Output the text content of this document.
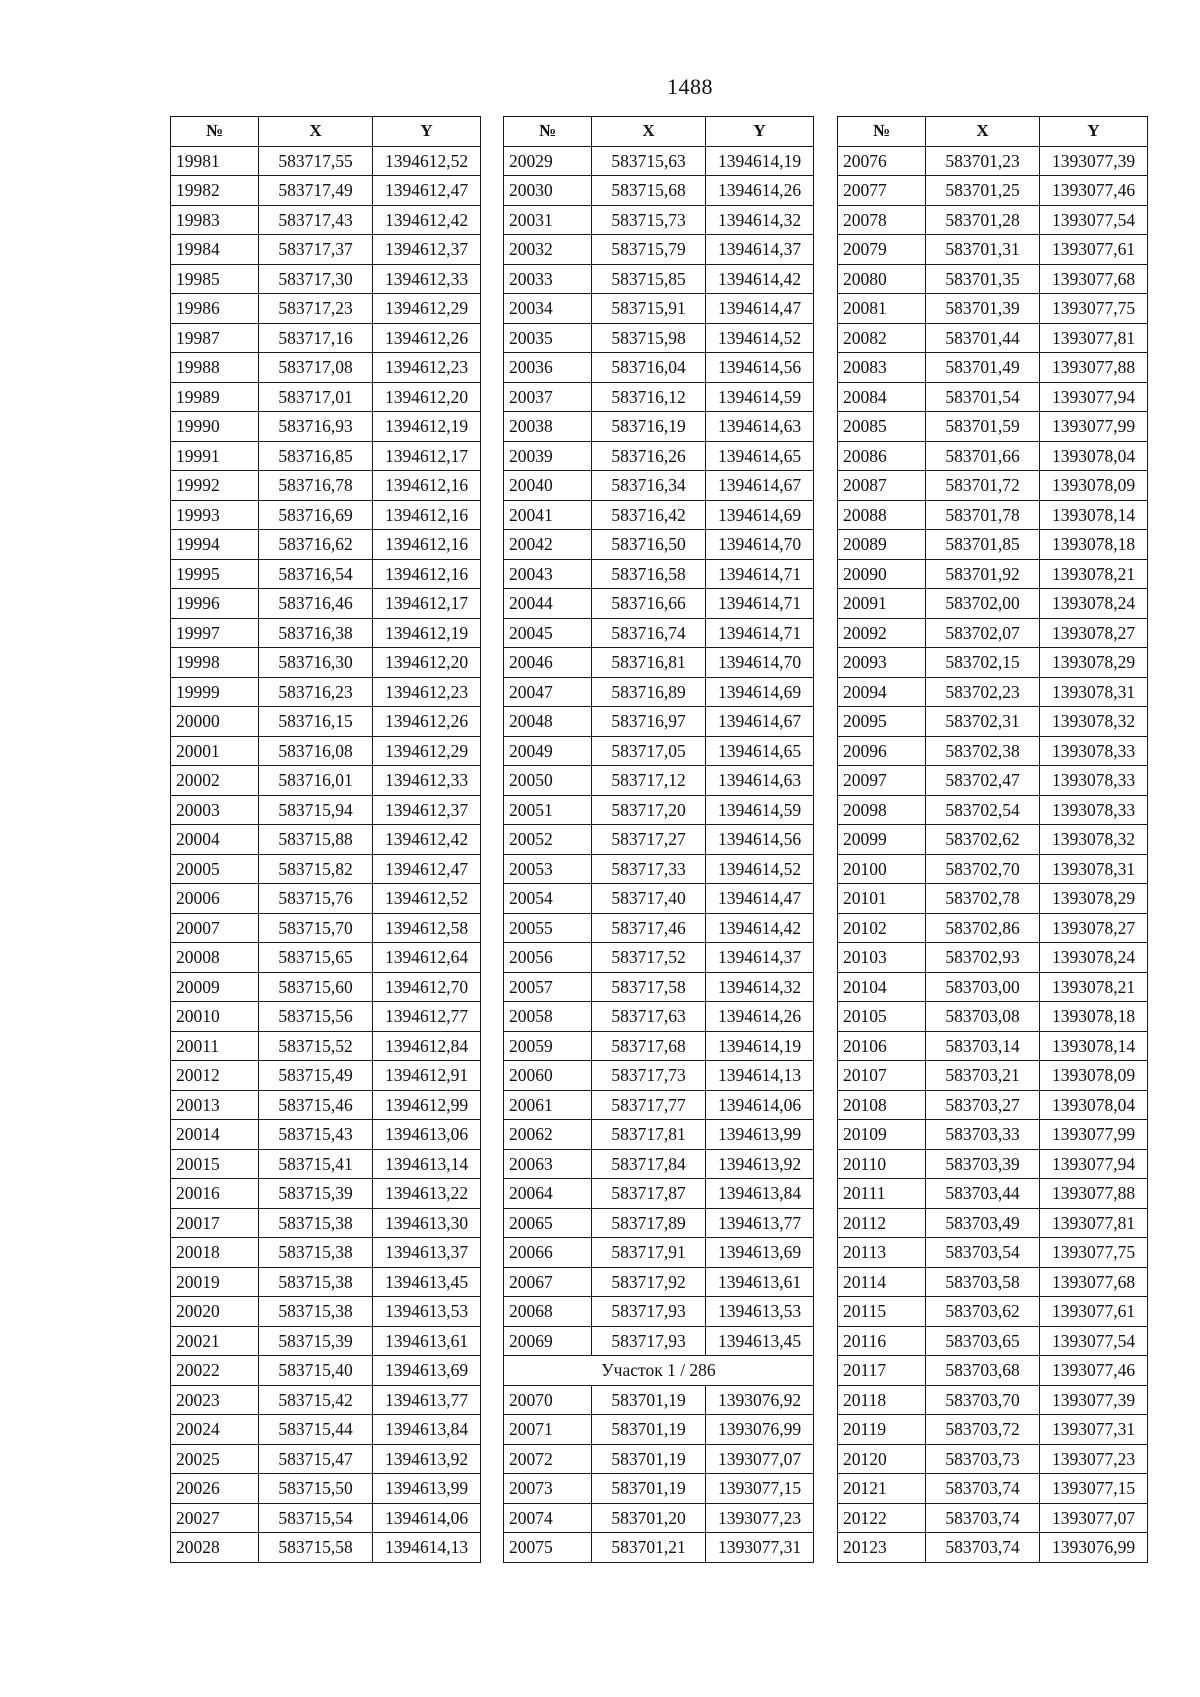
1488
№	X	Y
19981	583717,55	1394612,52
19982	583717,49	1394612,47
19983	583717,43	1394612,42
19984	583717,37	1394612,37
19985	583717,30	1394612,33
19986	583717,23	1394612,29
19987	583717,16	1394612,26
19988	583717,08	1394612,23
19989	583717,01	1394612,20
19990	583716,93	1394612,19
19991	583716,85	1394612,17
19992	583716,78	1394612,16
19993	583716,69	1394612,16
19994	583716,62	1394612,16
19995	583716,54	1394612,16
19996	583716,46	1394612,17
19997	583716,38	1394612,19
19998	583716,30	1394612,20
19999	583716,23	1394612,23
20000	583716,15	1394612,26
20001	583716,08	1394612,29
20002	583716,01	1394612,33
20003	583715,94	1394612,37
20004	583715,88	1394612,42
20005	583715,82	1394612,47
20006	583715,76	1394612,52
20007	583715,70	1394612,58
20008	583715,65	1394612,64
20009	583715,60	1394612,70
20010	583715,56	1394612,77
20011	583715,52	1394612,84
20012	583715,49	1394612,91
20013	583715,46	1394612,99
20014	583715,43	1394613,06
20015	583715,41	1394613,14
20016	583715,39	1394613,22
20017	583715,38	1394613,30
20018	583715,38	1394613,37
20019	583715,38	1394613,45
20020	583715,38	1394613,53
20021	583715,39	1394613,61
20022	583715,40	1394613,69
20023	583715,42	1394613,77
20024	583715,44	1394613,84
20025	583715,47	1394613,92
20026	583715,50	1394613,99
20027	583715,54	1394614,06
20028	583715,58	1394614,13
№	X	Y
20029	583715,63	1394614,19
20030	583715,68	1394614,26
20031	583715,73	1394614,32
20032	583715,79	1394614,37
20033	583715,85	1394614,42
20034	583715,91	1394614,47
20035	583715,98	1394614,52
20036	583716,04	1394614,56
20037	583716,12	1394614,59
20038	583716,19	1394614,63
20039	583716,26	1394614,65
20040	583716,34	1394614,67
20041	583716,42	1394614,69
20042	583716,50	1394614,70
20043	583716,58	1394614,71
20044	583716,66	1394614,71
20045	583716,74	1394614,71
20046	583716,81	1394614,70
20047	583716,89	1394614,69
20048	583716,97	1394614,67
20049	583717,05	1394614,65
20050	583717,12	1394614,63
20051	583717,20	1394614,59
20052	583717,27	1394614,56
20053	583717,33	1394614,52
20054	583717,40	1394614,47
20055	583717,46	1394614,42
20056	583717,52	1394614,37
20057	583717,58	1394614,32
20058	583717,63	1394614,26
20059	583717,68	1394614,19
20060	583717,73	1394614,13
20061	583717,77	1394614,06
20062	583717,81	1394613,99
20063	583717,84	1394613,92
20064	583717,87	1394613,84
20065	583717,89	1394613,77
20066	583717,91	1394613,69
20067	583717,92	1394613,61
20068	583717,93	1394613,53
20069	583717,93	1394613,45
Участок 1 / 286		
20070	583701,19	1393076,92
20071	583701,19	1393076,99
20072	583701,19	1393077,07
20073	583701,19	1393077,15
20074	583701,20	1393077,23
20075	583701,21	1393077,31
№	X	Y
20076	583701,23	1393077,39
20077	583701,25	1393077,46
20078	583701,28	1393077,54
20079	583701,31	1393077,61
20080	583701,35	1393077,68
20081	583701,39	1393077,75
20082	583701,44	1393077,81
20083	583701,49	1393077,88
20084	583701,54	1393077,94
20085	583701,59	1393077,99
20086	583701,66	1393078,04
20087	583701,72	1393078,09
20088	583701,78	1393078,14
20089	583701,85	1393078,18
20090	583701,92	1393078,21
20091	583702,00	1393078,24
20092	583702,07	1393078,27
20093	583702,15	1393078,29
20094	583702,23	1393078,31
20095	583702,31	1393078,32
20096	583702,38	1393078,33
20097	583702,47	1393078,33
20098	583702,54	1393078,33
20099	583702,62	1393078,32
20100	583702,70	1393078,31
20101	583702,78	1393078,29
20102	583702,86	1393078,27
20103	583702,93	1393078,24
20104	583703,00	1393078,21
20105	583703,08	1393078,18
20106	583703,14	1393078,14
20107	583703,21	1393078,09
20108	583703,27	1393078,04
20109	583703,33	1393077,99
20110	583703,39	1393077,94
20111	583703,44	1393077,88
20112	583703,49	1393077,81
20113	583703,54	1393077,75
20114	583703,58	1393077,68
20115	583703,62	1393077,61
20116	583703,65	1393077,54
20117	583703,68	1393077,46
20118	583703,70	1393077,39
20119	583703,72	1393077,31
20120	583703,73	1393077,23
20121	583703,74	1393077,15
20122	583703,74	1393077,07
20123	583703,74	1393076,99
